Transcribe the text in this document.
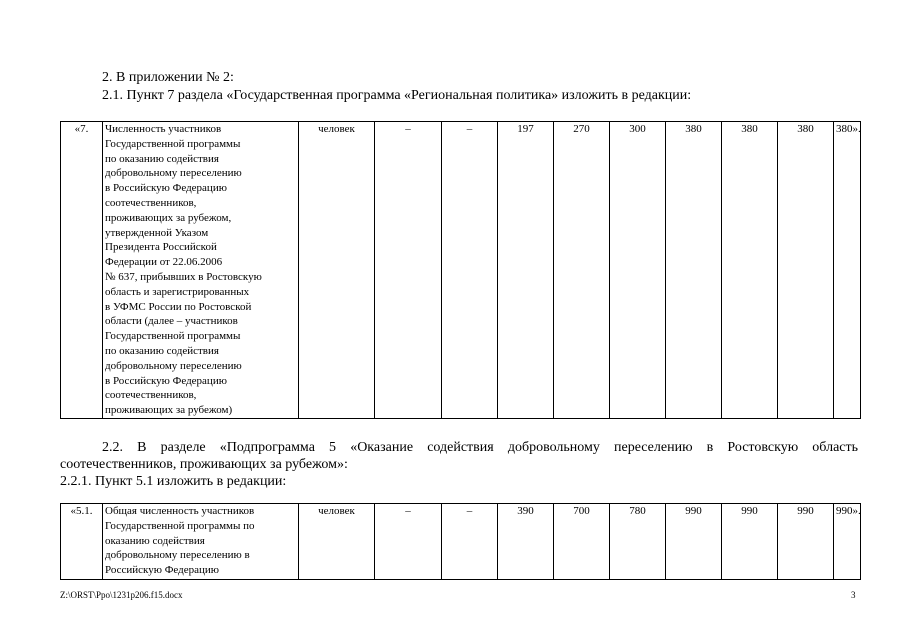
2. В приложении № 2:
2.1. Пункт 7 раздела «Государственная программа «Региональная политика» изложить в редакции:
«7.	Численность участников
Государственной программы
по оказанию содействия
добровольному переселению
в Российскую Федерацию
соотечественников,
проживающих за рубежом,
утвержденной Указом
Президента Российской
Федерации от 22.06.2006
№ 637, прибывших в Ростовскую
область и зарегистрированных
в УФМС России по Ростовской
области (далее – участников
Государственной программы
по оказанию содействия
добровольному переселению
в Российскую Федерацию
соотечественников,
проживающих за рубежом)	человек	–	–	197	270	300	380	380	380	380».
2.2. В разделе «Подпрограмма 5 «Оказание содействия добровольному переселению в Ростовскую область соотечественников, проживающих за рубежом»:
2.2.1. Пункт 5.1 изложить в редакции:
«5.1.	Общая численность участников
Государственной программы по
оказанию содействия
добровольному переселению в
Российскую Федерацию	человек	–	–	390	700	780	990	990	990	990».
Z:\ORST\Ppo\1231p206.f15.docx	3
